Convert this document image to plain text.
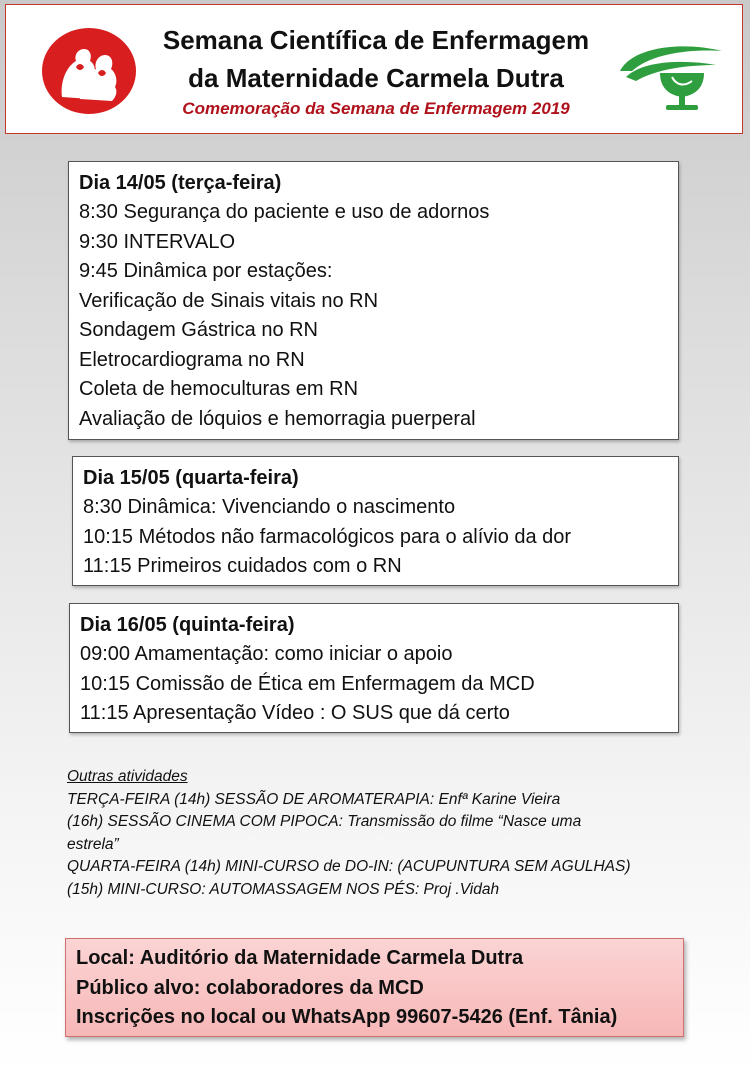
Semana Científica de Enfermagem
da Maternidade Carmela Dutra
Comemoração da Semana de Enfermagem 2019
Dia 14/05 (terça-feira)
8:30 Segurança do paciente e uso de adornos
9:30 INTERVALO
9:45 Dinâmica por estações:
Verificação de Sinais vitais no RN
Sondagem Gástrica no RN
Eletrocardiograma no RN
Coleta de hemoculturas em RN
Avaliação de lóquios e hemorragia puerperal
Dia 15/05 (quarta-feira)
8:30 Dinâmica: Vivenciando o nascimento
10:15 Métodos não farmacológicos para o alívio da dor
11:15 Primeiros cuidados com o RN
Dia 16/05 (quinta-feira)
09:00 Amamentação: como iniciar o apoio
10:15 Comissão de Ética em Enfermagem da MCD
11:15 Apresentação Vídeo : O SUS que dá certo
Outras atividades
TERÇA-FEIRA (14h) SESSÃO DE AROMATERAPIA: Enfª Karine Vieira
(16h) SESSÃO CINEMA COM PIPOCA: Transmissão do filme “Nasce uma
estrela”
QUARTA-FEIRA (14h) MINI-CURSO de DO-IN: (ACUPUNTURA SEM AGULHAS)
(15h) MINI-CURSO: AUTOMASSAGEM NOS PÉS: Proj .Vidah
Local: Auditório da Maternidade Carmela Dutra
Público alvo: colaboradores da MCD
Inscrições no local ou WhatsApp 99607-5426 (Enf. Tânia)
